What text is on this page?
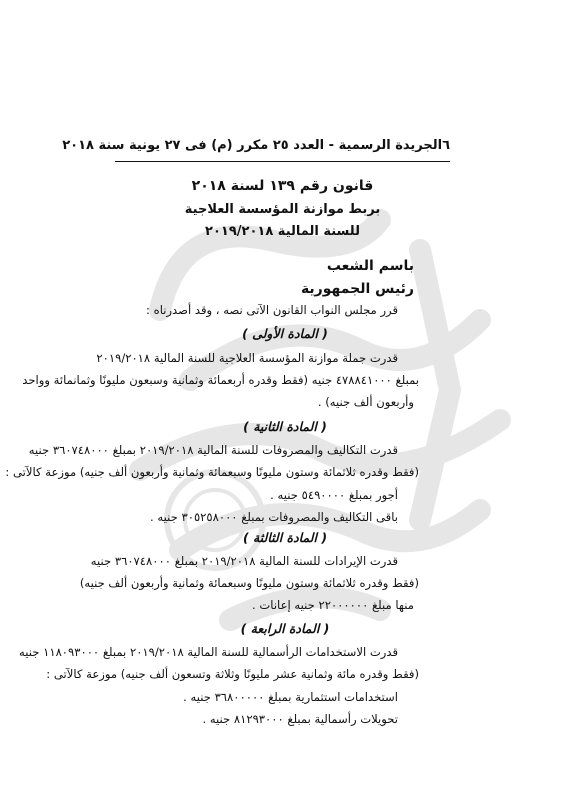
٦
الجريدة الرسمية - العدد ٢٥ مكرر (م) فى ٢٧ يونية سنة ٢٠١٨
قانون رقم ١٣٩ لسنة ٢٠١٨
بربط موازنة المؤسسة العلاجية
للسنة المالية ٢٠١٩/٢٠١٨
باسم الشعب
رئيس الجمهورية
قرر مجلس النواب القانون الآتى نصه ، وقد أصدرناه :
( المادة الأولى )
قدرت جملة موازنة المؤسسة العلاجية للسنة المالية ٢٠١٩/٢٠١٨
بمبلغ ٤٧٨٨٤١٠٠٠ جنيه (فقط وقدره أربعمائة وثمانية وسبعون مليونًا وثمانمائة وواحد
وأربعون ألف جنيه) .
( المادة الثانية )
قدرت التكاليف والمصروفات للسنة المالية ٢٠١٩/٢٠١٨ بمبلغ ٣٦٠٧٤٨٠٠٠ جنيه
(فقط وقدره ثلاثمائة وستون مليونًا وسبعمائة وثمانية وأربعون ألف جنيه) موزعة كالآتى :
أجور بمبلغ ٥٤٩٠٠٠٠ جنيه .
باقى التكاليف والمصروفات بمبلغ ٣٠٥٢٥٨٠٠٠ جنيه .
( المادة الثالثة )
قدرت الإيرادات للسنة المالية ٢٠١٩/٢٠١٨ بمبلغ ٣٦٠٧٤٨٠٠٠ جنيه
(فقط وقدره ثلاثمائة وستون مليونًا وسبعمائة وثمانية وأربعون ألف جنيه)
منها مبلغ ٢٢٠٠٠٠٠٠ جنيه إعانات .
( المادة الرابعة )
قدرت الاستخدامات الرأسمالية للسنة المالية ٢٠١٩/٢٠١٨ بمبلغ ١١٨٠٩٣٠٠٠ جنيه
(فقط وقدره مائة وثمانية عشر مليونًا وثلاثة وتسعون ألف جنيه) موزعة كالآتى :
استخدامات استثمارية بمبلغ ٣٦٨٠٠٠٠٠ جنيه .
تحويلات رأسمالية بمبلغ ٨١٢٩٣٠٠٠ جنيه .
